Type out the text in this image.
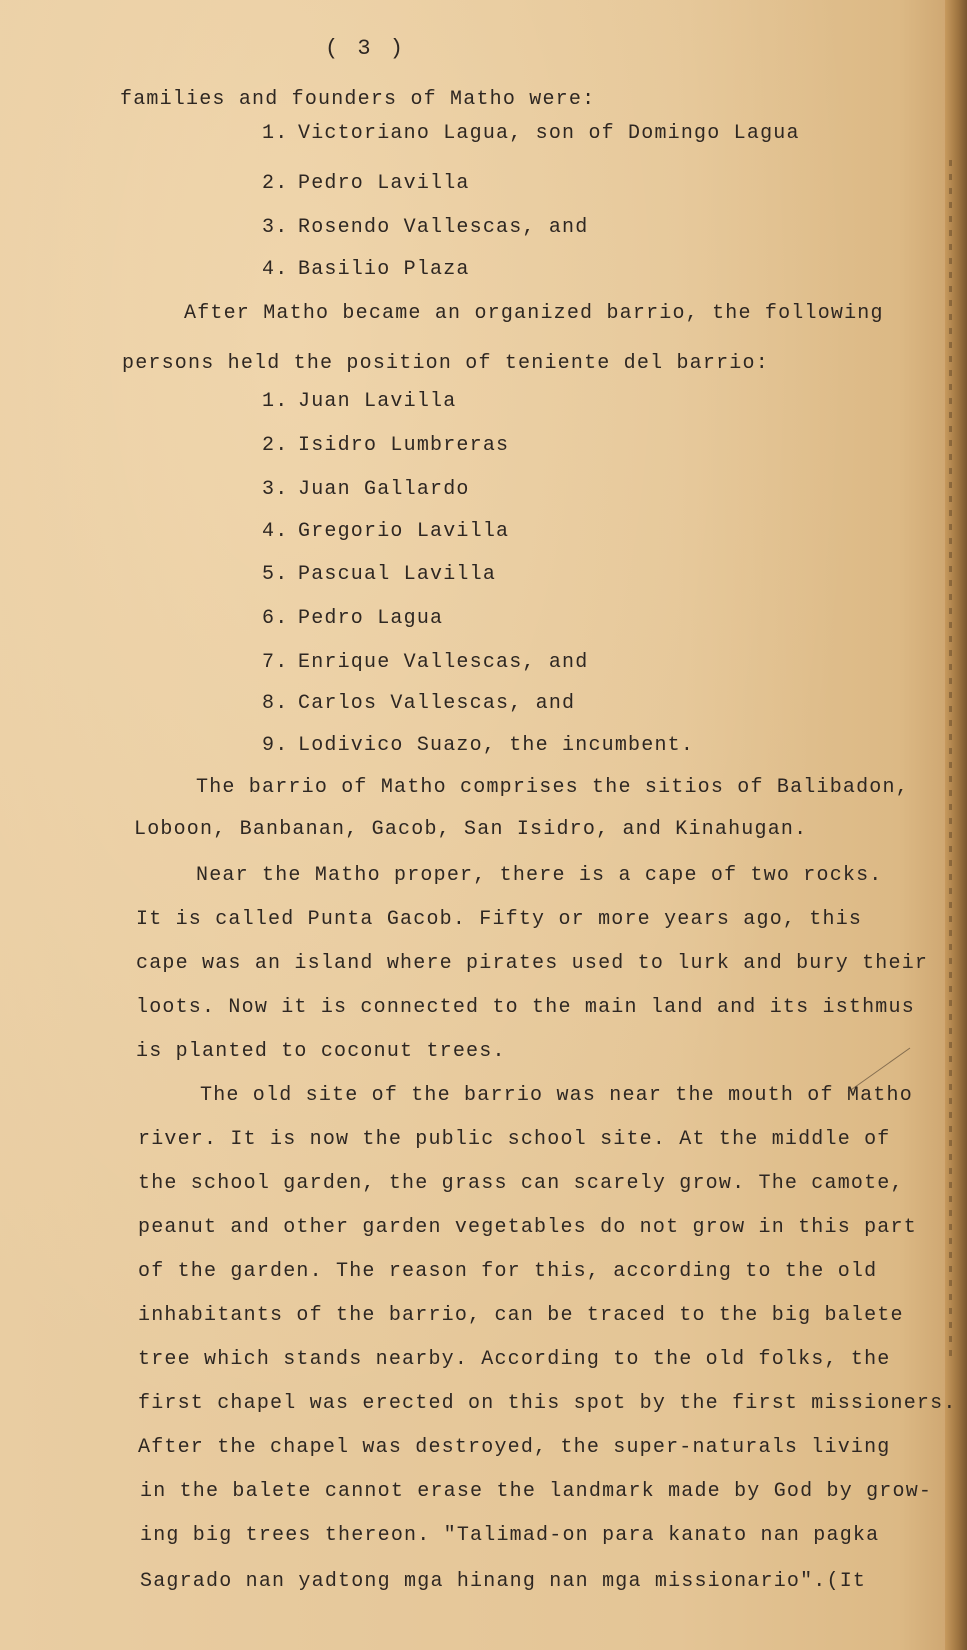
( 3 )
families and founders of Matho were:
1. Victoriano Lagua, son of Domingo Lagua
2. Pedro Lavilla
3. Rosendo Vallescas, and
4. Basilio Plaza
After Matho became an organized barrio, the following
persons held the position of teniente del barrio:
1. Juan Lavilla
2. Isidro Lumbreras
3. Juan Gallardo
4. Gregorio Lavilla
5. Pascual Lavilla
6. Pedro Lagua
7. Enrique Vallescas, and
8. Carlos Vallescas, and
9. Lodivico Suazo, the incumbent.
The barrio of Matho comprises the sitios of Balibadon,
Loboon, Banbanan, Gacob, San Isidro, and Kinahugan.
Near the Matho proper, there is a cape of two rocks.
It is called Punta Gacob. Fifty or more years ago, this
cape was an island where pirates used to lurk and bury their
loots. Now it is connected to the main land and its isthmus
is planted to coconut trees.
The old site of the barrio was near the mouth of Matho
river. It is now the public school site. At the middle of
the school garden, the grass can scarely grow. The camote,
peanut and other garden vegetables do not grow in this part
of the garden. The reason for this, according to the old
inhabitants of the barrio, can be traced to the big balete
tree which stands nearby. According to the old folks, the
first chapel was erected on this spot by the first missioners.
After the chapel was destroyed, the super-naturals living
in the balete cannot erase the landmark made by God by grow-
ing big trees thereon. "Talimad-on para kanato nan pagka
Sagrado nan yadtong mga hinang nan mga missionario".(It
